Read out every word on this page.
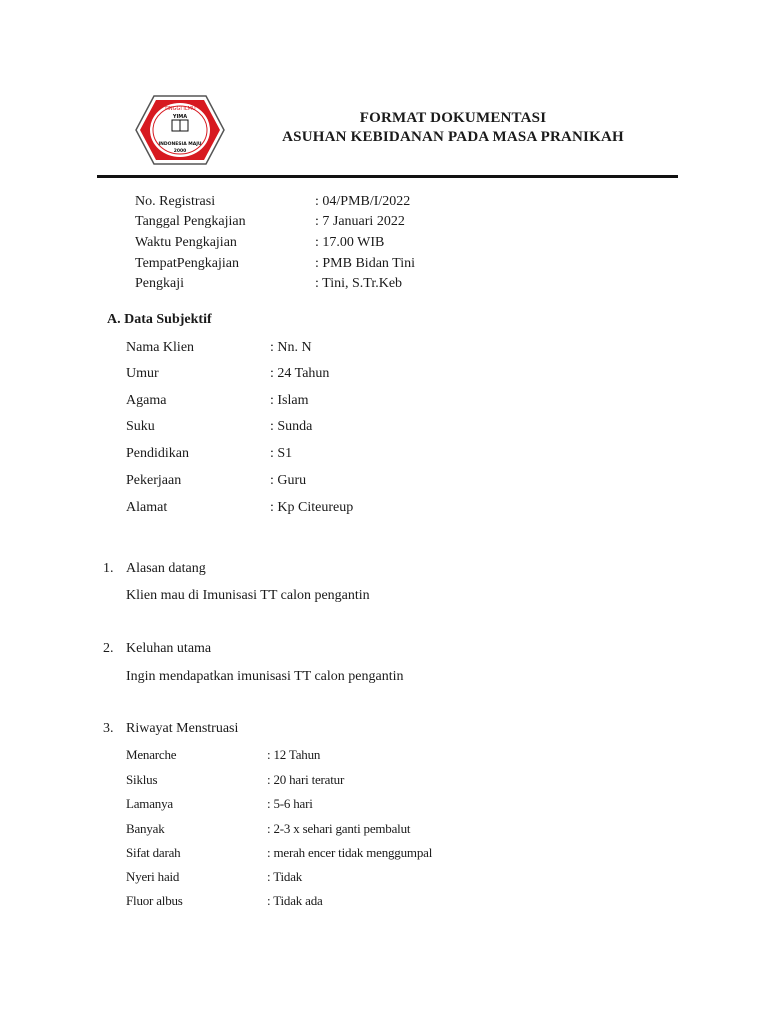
TINGGI ILMU
YIMA
INDONESIA MAJU
2000
FORMAT DOKUMENTASI
ASUHAN KEBIDANAN PADA MASA PRANIKAH
No. Registrasi	: 04/PMB/I/2022
Tanggal Pengkajian	: 7 Januari 2022
Waktu Pengkajian	: 17.00 WIB
TempatPengkajian	: PMB Bidan Tini
Pengkaji	: Tini, S.Tr.Keb
A. Data Subjektif
Nama Klien	: Nn. N
Umur	: 24 Tahun
Agama	: Islam
Suku	: Sunda
Pendidikan	: S1
Pekerjaan	: Guru
Alamat	: Kp Citeureup
1. Alasan datang
Klien mau di Imunisasi TT calon pengantin
2. Keluhan utama
Ingin mendapatkan imunisasi TT calon pengantin
3. Riwayat Menstruasi
Menarche	: 12 Tahun
Siklus	: 20 hari teratur
Lamanya	: 5-6 hari
Banyak	: 2-3 x sehari ganti pembalut
Sifat darah	: merah encer tidak menggumpal
Nyeri haid	: Tidak
Fluor albus	: Tidak ada
